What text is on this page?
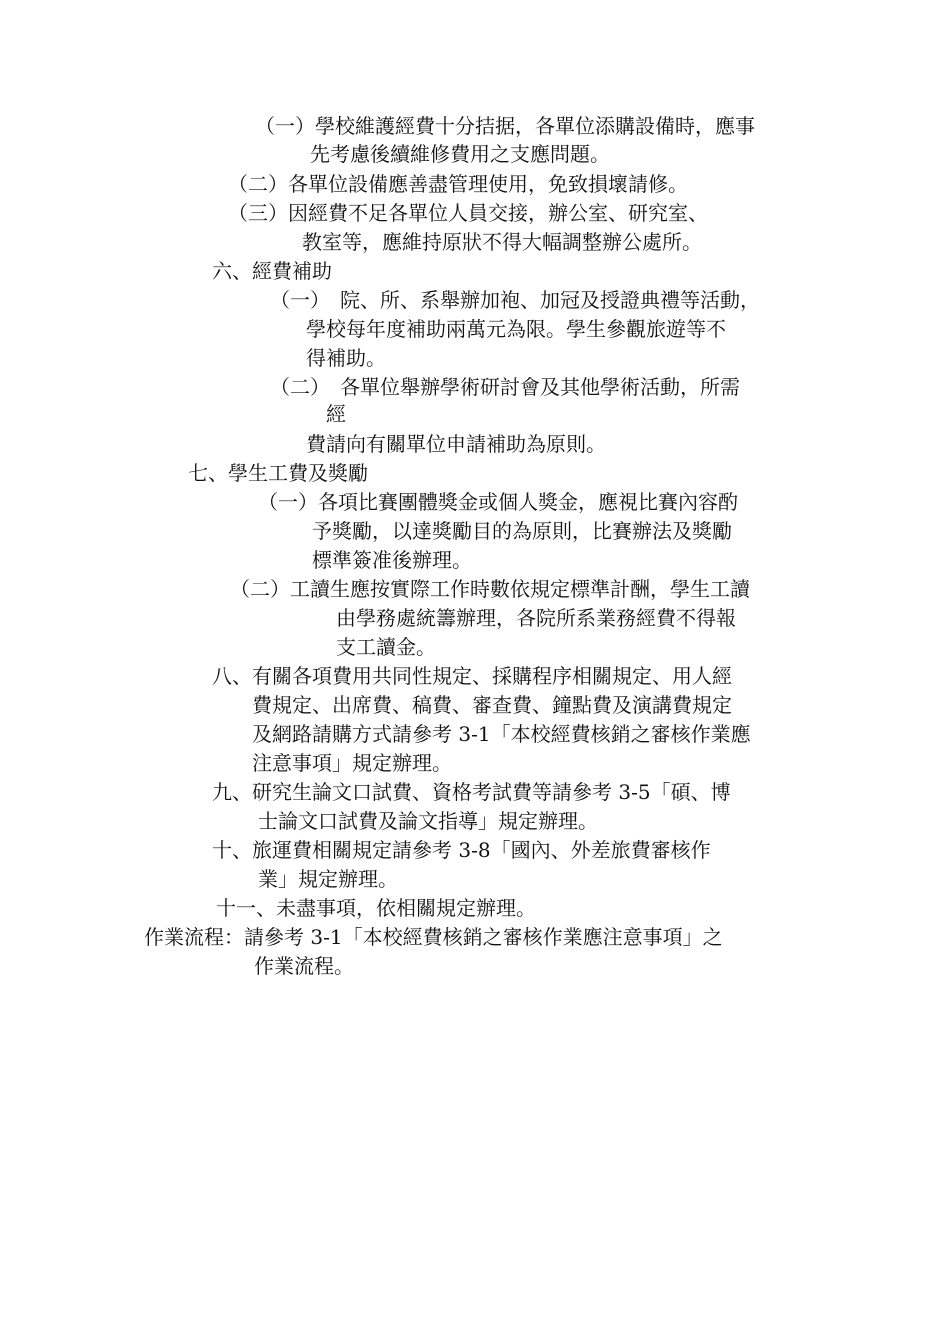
（一）學校維護經費十分拮据，各單位添購設備時，應事
先考慮後續維修費用之支應問題。
（二）各單位設備應善盡管理使用，免致損壞請修。
（三）因經費不足各單位人員交接，辦公室、研究室、
教室等，應維持原狀不得大幅調整辦公處所。
六、經費補助
（一）　院、所、系舉辦加袍、加冠及授證典禮等活動，
學校每年度補助兩萬元為限。學生參觀旅遊等不
得補助。
（二）　各單位舉辦學術研討會及其他學術活動，所需
經
費請向有關單位申請補助為原則。
七、學生工費及獎勵
（一）各項比賽團體獎金或個人獎金，應視比賽內容酌
予獎勵，以達獎勵目的為原則，比賽辦法及獎勵
標準簽准後辦理。
（二）工讀生應按實際工作時數依規定標準計酬，學生工讀
由學務處統籌辦理，各院所系業務經費不得報
支工讀金。
八、有關各項費用共同性規定、採購程序相關規定、用人經
費規定、出席費、稿費、審查費、鐘點費及演講費規定
及網路請購方式請參考 3-1「本校經費核銷之審核作業應
注意事項」規定辦理。
九、研究生論文口試費、資格考試費等請參考 3-5「碩、博
士論文口試費及論文指導」規定辦理。
十、旅運費相關規定請參考 3-8「國內、外差旅費審核作
業」規定辦理。
十一、未盡事項，依相關規定辦理。
作業流程：請參考 3-1「本校經費核銷之審核作業應注意事項」之
作業流程。
